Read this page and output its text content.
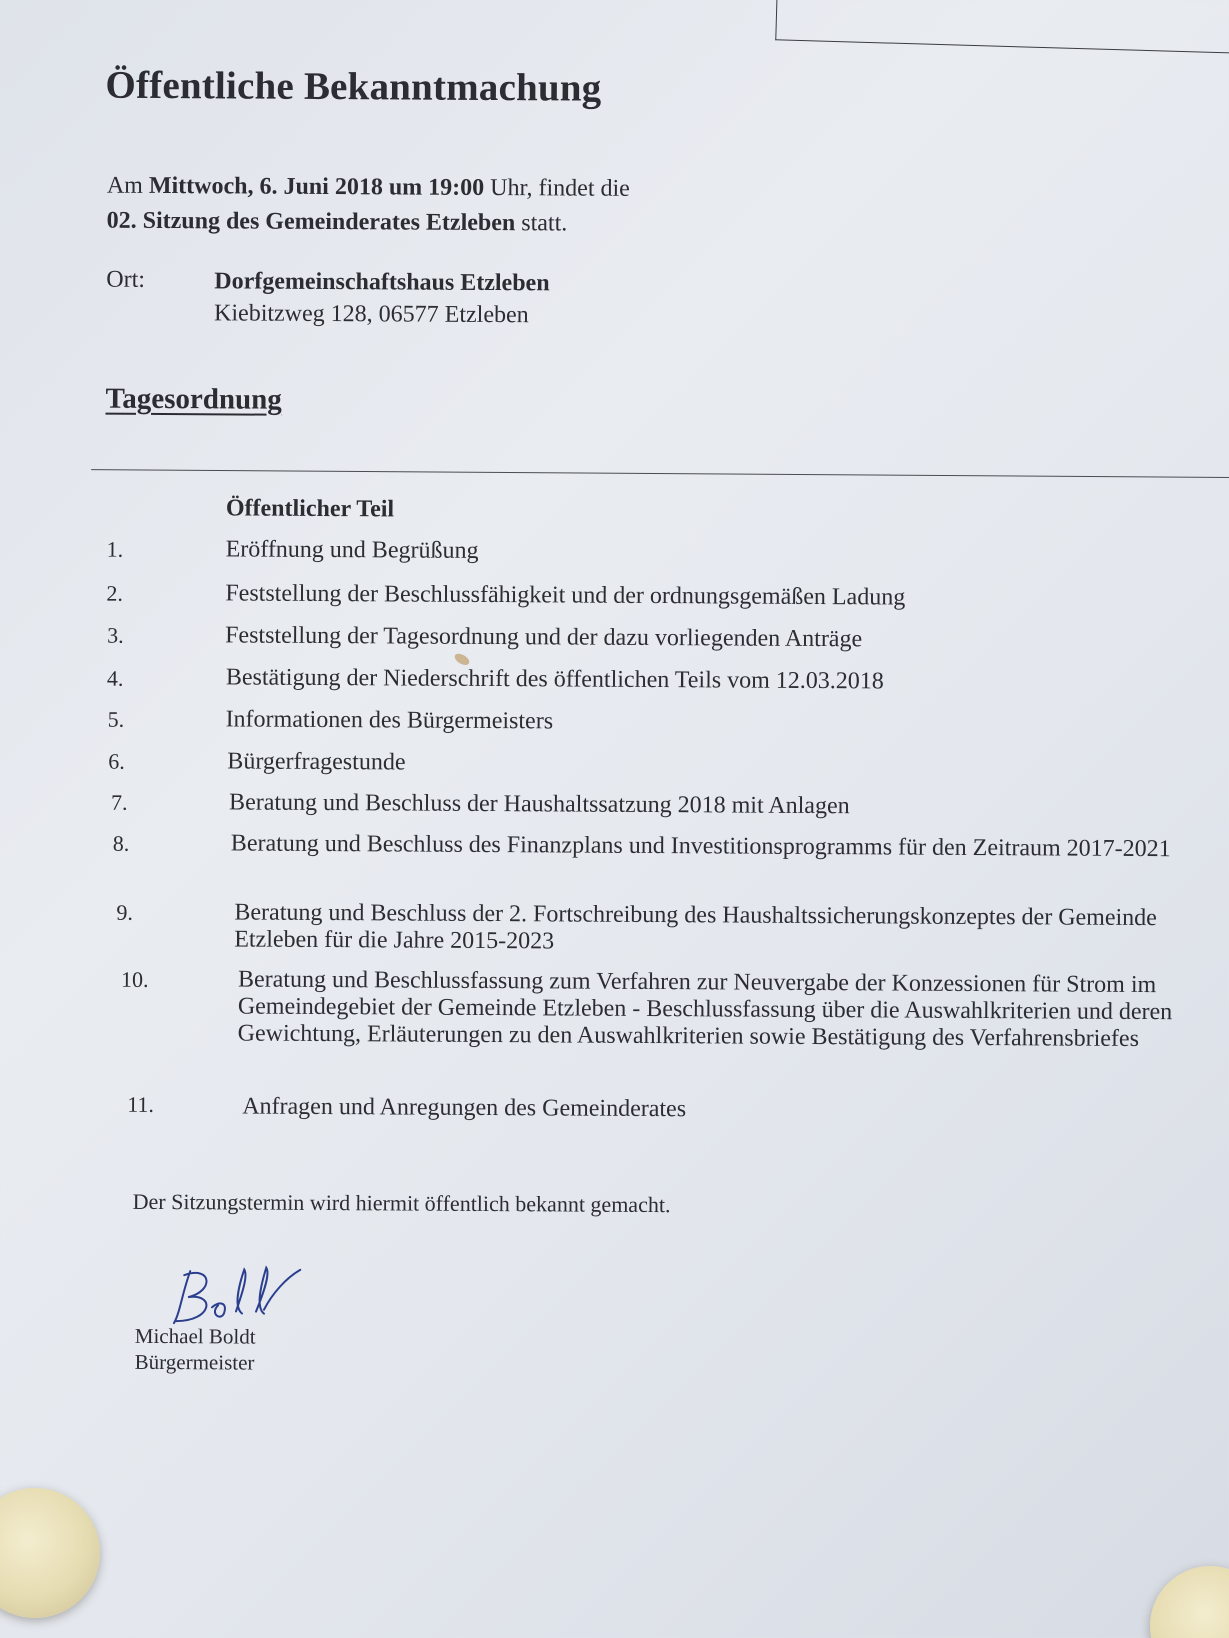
Öffentliche Bekanntmachung
Am Mittwoch, 6. Juni 2018 um 19:00 Uhr, findet die
02. Sitzung des Gemeinderates Etzleben statt.
Ort:	Dorfgemeinschaftshaus Etzleben
Kiebitzweg 128, 06577 Etzleben
Tagesordnung
Öffentlicher Teil
1.	Eröffnung und Begrüßung
2.	Feststellung der Beschlussfähigkeit und der ordnungsgemäßen Ladung
3.	Feststellung der Tagesordnung und der dazu vorliegenden Anträge
4.	Bestätigung der Niederschrift des öffentlichen Teils vom 12.03.2018
5.	Informationen des Bürgermeisters
6.	Bürgerfragestunde
7.	Beratung und Beschluss der Haushaltssatzung 2018 mit Anlagen
8.	Beratung und Beschluss des Finanzplans und Investitionsprogramms für den Zeitraum 2017-2021
9.	Beratung und Beschluss der 2. Fortschreibung des Haushaltssicherungskonzeptes der Gemeinde Etzleben für die Jahre 2015-2023
10.	Beratung und Beschlussfassung zum Verfahren zur Neuvergabe der Konzessionen für Strom im Gemeindegebiet der Gemeinde Etzleben - Beschlussfassung über die Auswahlkriterien und deren Gewichtung, Erläuterungen zu den Auswahlkriterien sowie Bestätigung des Verfahrensbriefes
11.	Anfragen und Anregungen des Gemeinderates
Der Sitzungstermin wird hiermit öffentlich bekannt gemacht.
Michael Boldt
Bürgermeister
